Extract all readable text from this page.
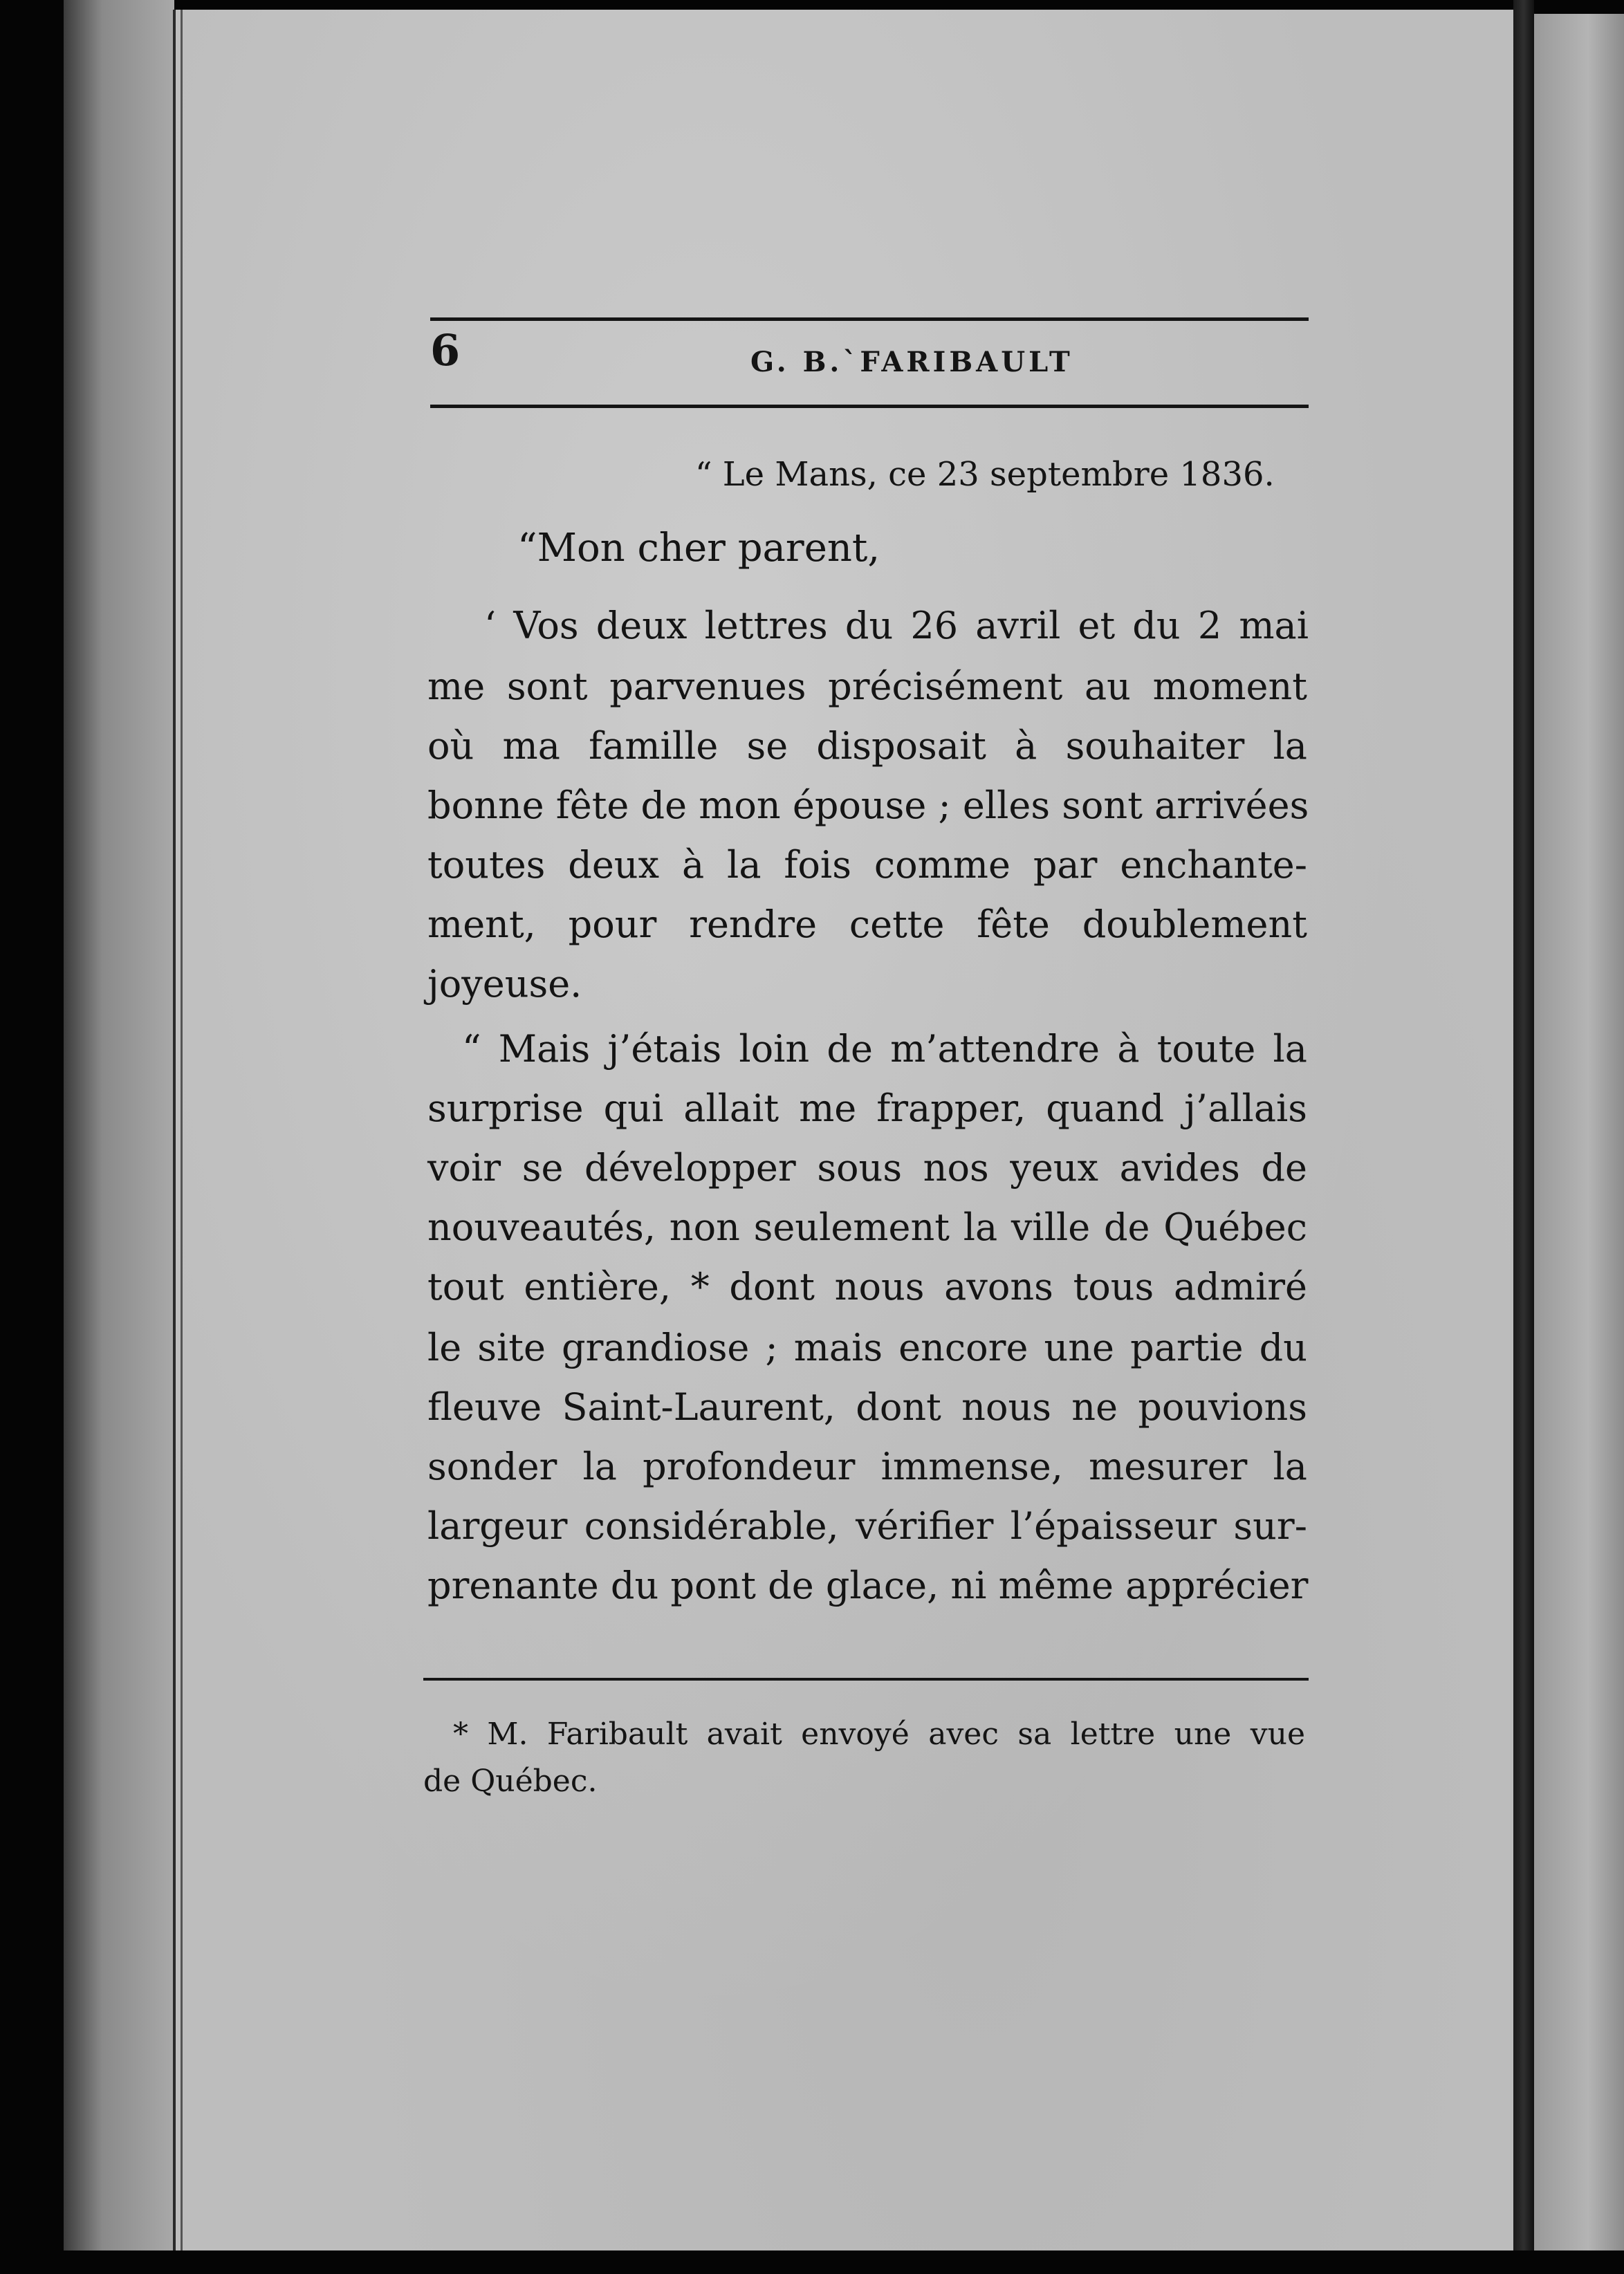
6	G. B.`FARIBAULT
“ Le Mans, ce 23 septembre 1836.
“Mon cher parent,
‘ Vos deux lettres du 26 avril et du 2 mai
me sont parvenues précisément au moment
où ma famille se disposait à souhaiter la
bonne fête de mon épouse ; elles sont arrivées
toutes deux à la fois comme par enchante-
ment, pour rendre cette fête doublement
joyeuse.
“ Mais j’étais loin de m’attendre à toute la
surprise qui allait me frapper, quand j’allais
voir se développer sous nos yeux avides de
nouveautés, non seulement la ville de Québec
tout entière, * dont nous avons tous admiré
le site grandiose ; mais encore une partie du
fleuve Saint-Laurent, dont nous ne pouvions
sonder la profondeur immense, mesurer la
largeur considérable, vérifier l’épaisseur sur-
prenante du pont de glace, ni même apprécier
* M. Faribault avait envoyé avec sa lettre une vue
de Québec.
